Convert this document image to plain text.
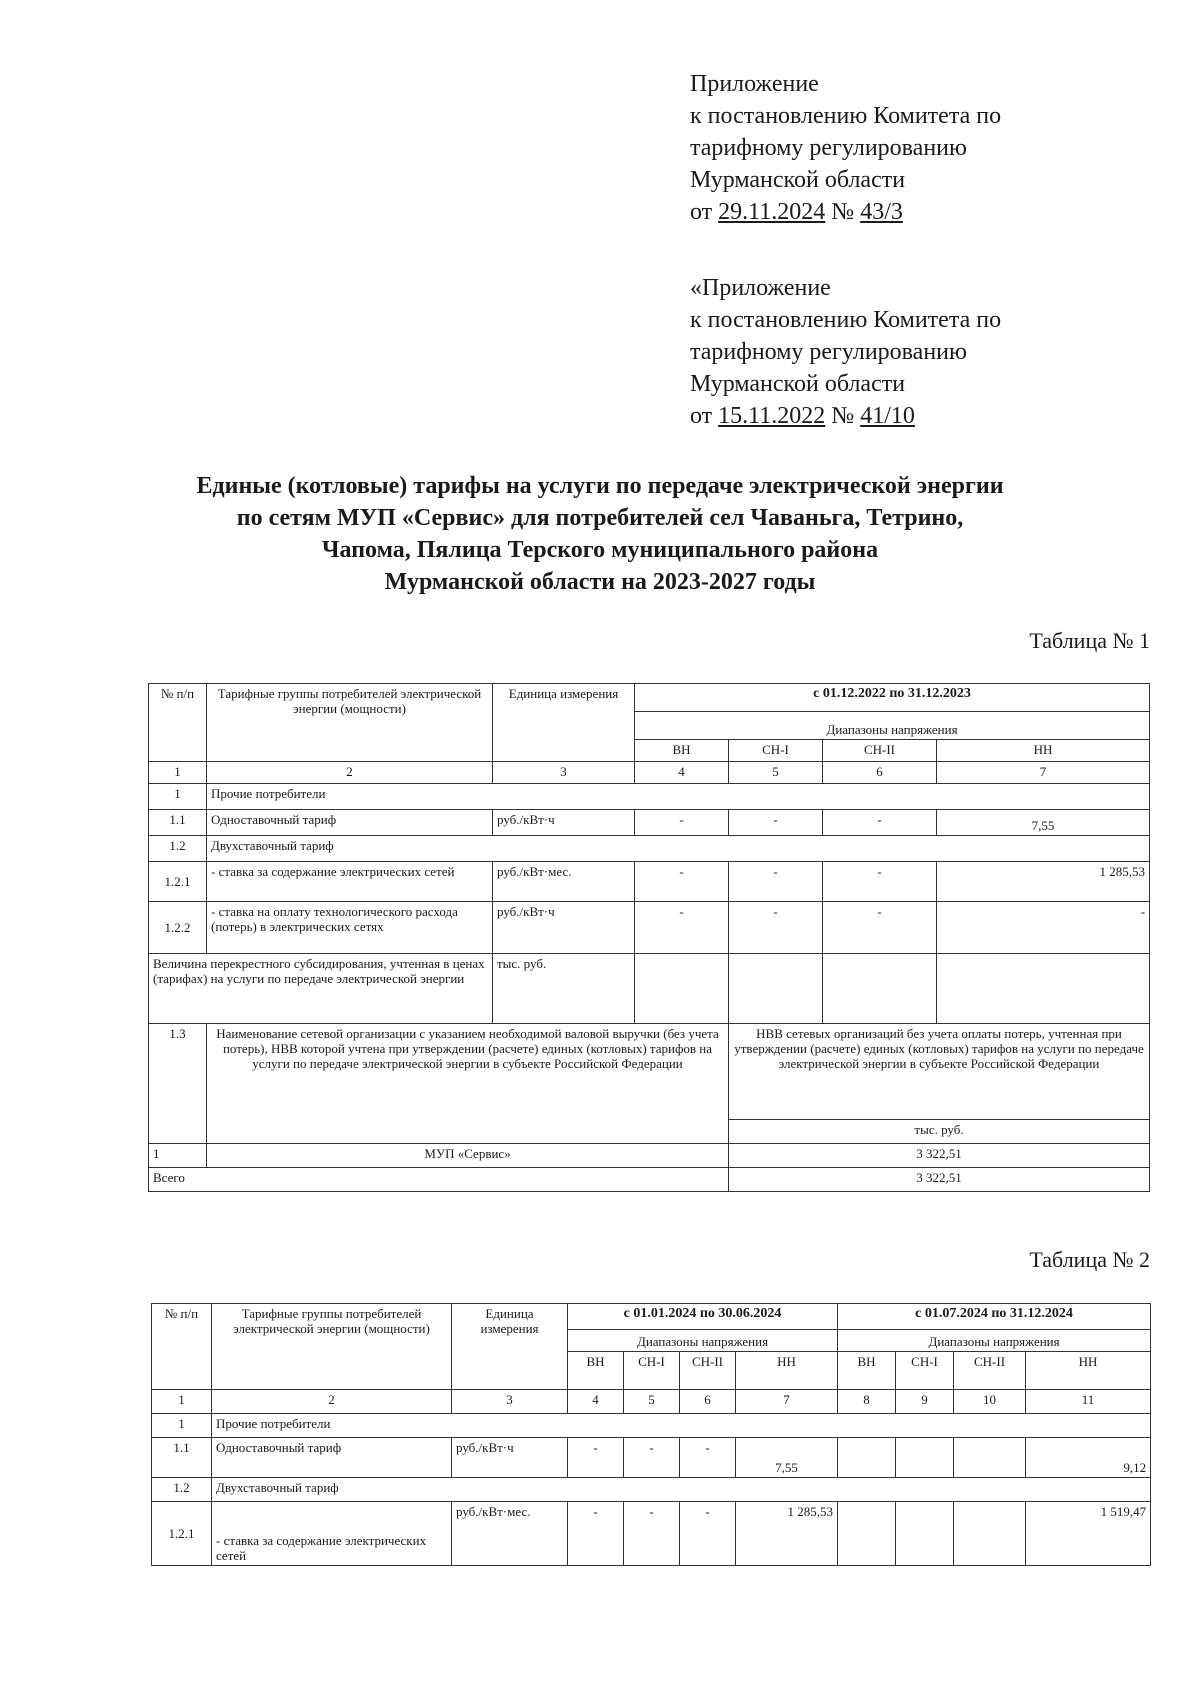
Приложение
к постановлению Комитета по
тарифному регулированию
Мурманской области
от 29.11.2024 № 43/3
«Приложение
к постановлению Комитета по
тарифному регулированию
Мурманской области
от 15.11.2022 № 41/10
Единые (котловые) тарифы на услуги по передаче электрической энергии
по сетям МУП «Сервис» для потребителей сел Чаваньга, Тетрино,
Чапома, Пялица Терского муниципального района
Мурманской области на 2023-2027 годы
Таблица № 1
№ п/п	Тарифные группы потребителей электрической энергии (мощности)	Единица измерения	с 01.12.2022 по 31.12.2023			
			Диапазоны напряжения			
			ВН	СН-I	СН-II	НН
1	2	3	4	5	6	7
1	Прочие потребители					
1.1	Одноставочный тариф	руб./кВт·ч	-	-	-	7,55
1.2	Двухставочный тариф					
1.2.1	- ставка за содержание электрических сетей	руб./кВт·мес.	-	-	-	1 285,53
1.2.2	- ставка на оплату технологического расхода (потерь) в электрических сетях	руб./кВт·ч	-	-	-	-
Величина перекрестного субсидирования, учтенная в ценах (тарифах) на услуги по передаче электрической энергии		тыс. руб.				
1.3	Наименование сетевой организации с указанием необходимой валовой выручки (без учета потерь), НВВ которой учтена при утверждении (расчете) единых (котловых) тарифов на услуги по передаче электрической энергии в субъекте Российской Федерации			НВВ сетевых организаций без учета оплаты потерь, учтенная при утверждении (расчете) единых (котловых) тарифов на услуги по передаче электрической энергии в субъекте Российской Федерации		
				тыс. руб.		
1	МУП «Сервис»			3 322,51		
Всего				3 322,51		
Таблица № 2
№ п/п	Тарифные группы потребителей электрической энергии (мощности)	Единица измерения	с 01.01.2024 по 30.06.2024				с 01.07.2024 по 31.12.2024			
			Диапазоны напряжения				Диапазоны напряжения			
			ВН	СН-I	СН-II	НН	ВН	СН-I	СН-II	НН
1	2	3	4	5	6	7	8	9	10	11
1	Прочие потребители									
1.1	Одноставочный тариф	руб./кВт·ч	-	-	-	7,55				9,12
1.2	Двухставочный тариф									
1.2.1	- ставка за содержание электрических сетей	руб./кВт·мес.	-	-	-	1 285,53				1 519,47
